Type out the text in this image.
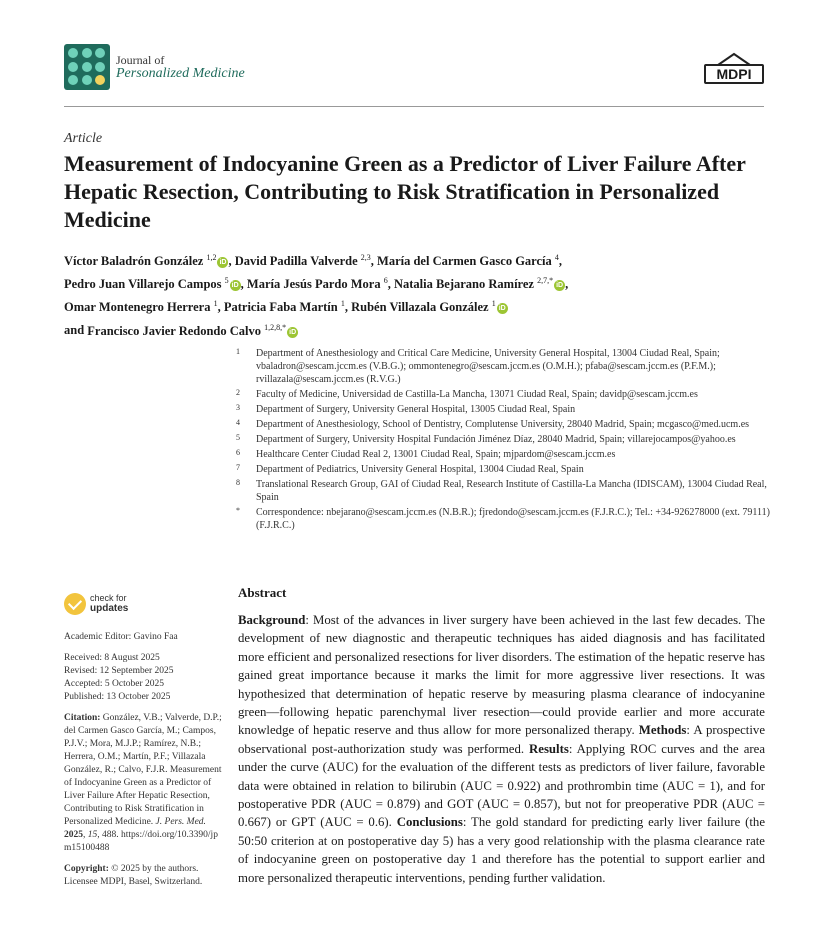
Journal of
Personalized Medicine	MDPI
Article
Measurement of Indocyanine Green as a Predictor of Liver Failure After Hepatic Resection, Contributing to Risk Stratification in Personalized Medicine
Víctor Baladrón González $^{1,2}$iD , David Padilla Valverde $^{2,3}$, María del Carmen Gasco García $^4$,
Pedro Juan Villarejo Campos $^5$iD , María Jesús Pardo Mora $^6$, Natalia Bejarano Ramírez $^{2,7,*}$iD ,
Omar Montenegro Herrera $^1$, Patricia Faba Martín $^1$, Rubén Villazala González $^1$iD
and Francisco Javier Redondo Calvo $^{1,2,8,*}$iD
1 Department of Anesthesiology and Critical Care Medicine, University General Hospital, 13004 Ciudad Real, Spain; vbaladron@sescam.jccm.es (V.B.G.); ommontenegro@sescam.jccm.es (O.M.H.); pfaba@sescam.jccm.es (P.F.M.); rvillazala@sescam.jccm.es (R.V.G.)
2 Faculty of Medicine, Universidad de Castilla-La Mancha, 13071 Ciudad Real, Spain; davidp@sescam.jccm.es
3 Department of Surgery, University General Hospital, 13005 Ciudad Real, Spain
4 Department of Anesthesiology, School of Dentistry, Complutense University, 28040 Madrid, Spain; mcgasco@med.ucm.es
5 Department of Surgery, University Hospital Fundación Jiménez Díaz, 28040 Madrid, Spain; villarejocampos@yahoo.es
6 Healthcare Center Ciudad Real 2, 13001 Ciudad Real, Spain; mjpardom@sescam.jccm.es
7 Department of Pediatrics, University General Hospital, 13004 Ciudad Real, Spain
8 Translational Research Group, GAI of Ciudad Real, Research Institute of Castilla-La Mancha (IDISCAM), 13004 Ciudad Real, Spain
* Correspondence: nbejarano@sescam.jccm.es (N.B.R.); fjredondo@sescam.jccm.es (F.J.R.C.); Tel.: +34-926278000 (ext. 79111) (F.J.R.C.)
check for
updates
Academic Editor: Gavino Faa
Received: 8 August 2025
Revised: 12 September 2025
Accepted: 5 October 2025
Published: 13 October 2025
Citation: González, V.B.; Valverde, D.P.; del Carmen Gasco García, M.; Campos, P.J.V.; Mora, M.J.P.; Ramírez, N.B.; Herrera, O.M.; Martín, P.F.; Villazala González, R.; Calvo, F.J.R. Measurement of Indocyanine Green as a Predictor of Liver Failure After Hepatic Resection, Contributing to Risk Stratification in Personalized Medicine. J. Pers. Med. 2025, 15, 488. https://doi.org/10.3390/jpm15100488
Copyright: © 2025 by the authors. Licensee MDPI, Basel, Switzerland.
Abstract

Background: Most of the advances in liver surgery have been achieved in the last few decades. The development of new diagnostic and therapeutic techniques has aided diagnosis and has facilitated more efficient and personalized resections for liver disorders. The estimation of the hepatic reserve has gained great importance because it marks the limit for more aggressive liver resections. It was hypothesized that determination of hepatic reserve by measuring plasma clearance of indocyanine green—following hepatic parenchymal liver resection—could provide earlier and more accurate knowledge of hepatic reserve and thus allow for more personalized therapy. Methods: A prospective observational post-authorization study was performed. Results: Applying ROC curves and the area under the curve (AUC) for the evaluation of the different tests as predictors of liver failure, favorable data were obtained in relation to bilirubin (AUC = 0.922) and prothrombin time (AUC = 1), and for postoperative PDR (AUC = 0.879) and GOT (AUC = 0.857), but not for preoperative PDR (AUC = 0.667) or GPT (AUC = 0.6). Conclusions: The gold standard for predicting early liver failure (the 50:50 criterion at on postoperative day 5) has a very good relationship with the plasma clearance rate of indocyanine green on postoperative day 1 and therefore has the potential to support earlier and more personalized therapeutic interventions, pending further validation.
